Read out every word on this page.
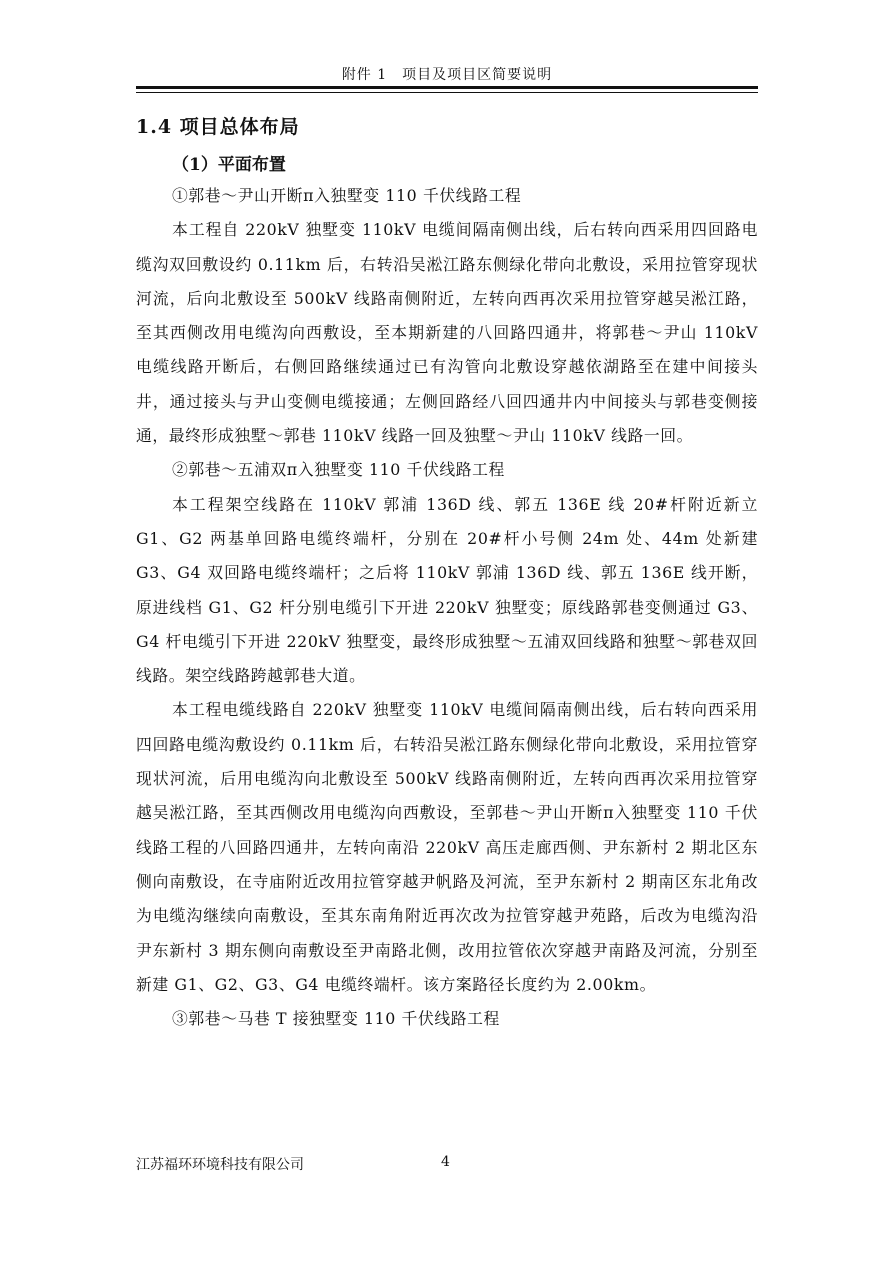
附件 1　项目及项目区简要说明
1.4 项目总体布局
（1）平面布置

①郭巷～尹山开断π入独墅变 110 千伏线路工程

本工程自 220kV 独墅变 110kV 电缆间隔南侧出线，后右转向西采用四回路电缆沟双回敷设约 0.11km 后，右转沿吴淞江路东侧绿化带向北敷设，采用拉管穿现状河流，后向北敷设至 500kV 线路南侧附近，左转向西再次采用拉管穿越吴淞江路，至其西侧改用电缆沟向西敷设，至本期新建的八回路四通井，将郭巷～尹山 110kV 电缆线路开断后，右侧回路继续通过已有沟管向北敷设穿越依湖路至在建中间接头井，通过接头与尹山变侧电缆接通；左侧回路经八回四通井内中间接头与郭巷变侧接通，最终形成独墅～郭巷 110kV 线路一回及独墅～尹山 110kV 线路一回。

②郭巷～五浦双π入独墅变 110 千伏线路工程

本工程架空线路在 110kV 郭浦 136D 线、郭五 136E 线 20#杆附近新立 G1、G2 两基单回路电缆终端杆，分别在 20#杆小号侧 24m 处、44m 处新建 G3、G4 双回路电缆终端杆；之后将 110kV 郭浦 136D 线、郭五 136E 线开断，原进线档 G1、G2 杆分别电缆引下开进 220kV 独墅变；原线路郭巷变侧通过 G3、G4 杆电缆引下开进 220kV 独墅变，最终形成独墅～五浦双回线路和独墅～郭巷双回线路。架空线路跨越郭巷大道。

本工程电缆线路自 220kV 独墅变 110kV 电缆间隔南侧出线，后右转向西采用四回路电缆沟敷设约 0.11km 后，右转沿吴淞江路东侧绿化带向北敷设，采用拉管穿现状河流，后用电缆沟向北敷设至 500kV 线路南侧附近，左转向西再次采用拉管穿越吴淞江路，至其西侧改用电缆沟向西敷设，至郭巷～尹山开断π入独墅变 110 千伏线路工程的八回路四通井，左转向南沿 220kV 高压走廊西侧、尹东新村 2 期北区东侧向南敷设，在寺庙附近改用拉管穿越尹帆路及河流，至尹东新村 2 期南区东北角改为电缆沟继续向南敷设，至其东南角附近再次改为拉管穿越尹苑路，后改为电缆沟沿尹东新村 3 期东侧向南敷设至尹南路北侧，改用拉管依次穿越尹南路及河流，分别至新建 G1、G2、G3、G4 电缆终端杆。该方案路径长度约为 2.00km。

③郭巷～马巷 T 接独墅变 110 千伏线路工程

江苏福环环境科技有限公司	4
